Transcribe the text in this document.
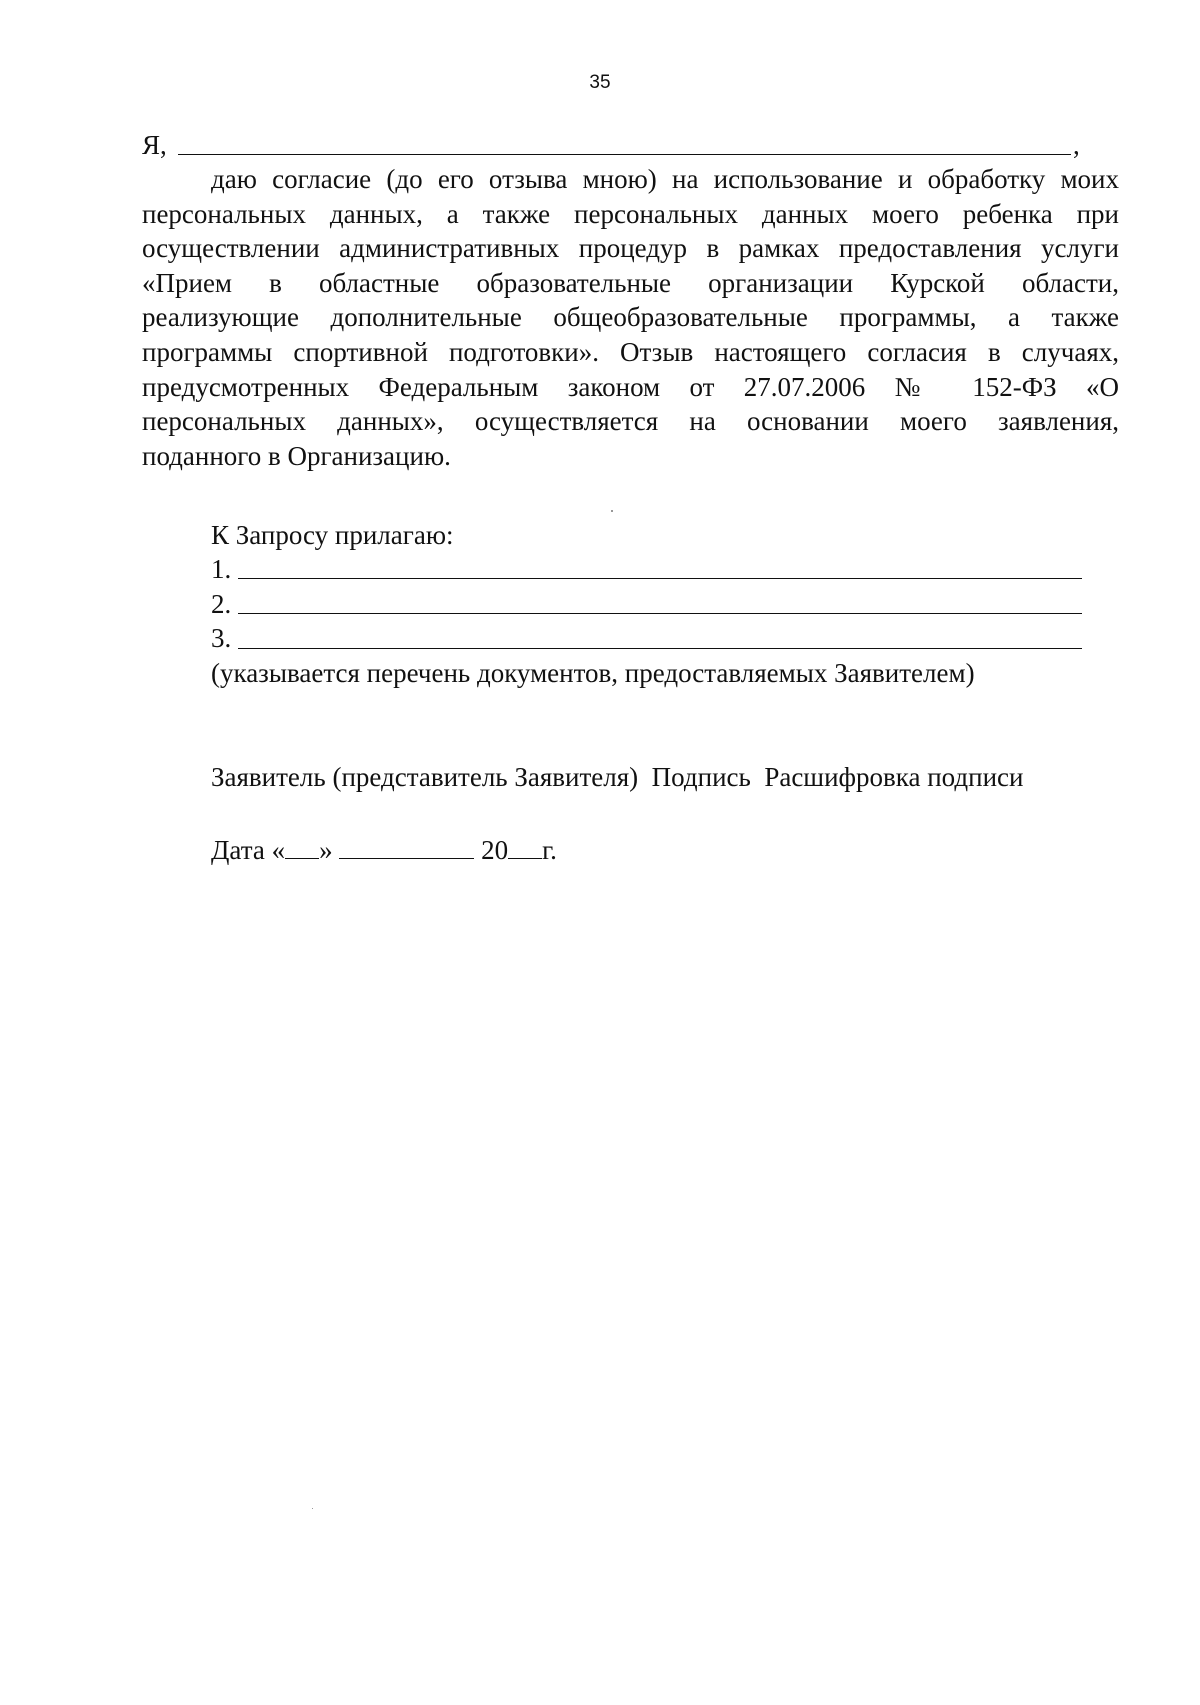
35
Я,	,
даю согласие (до его отзыва мною) на использование и обработку моих
персональных данных, а также персональных данных моего ребенка при
осуществлении административных процедур в рамках предоставления услуги
«Прием в областные образовательные организации Курской области,
реализующие дополнительные общеобразовательные программы, а также
программы спортивной подготовки». Отзыв настоящего согласия в случаях,
предусмотренных Федеральным законом от 27.07.2006 № 152-ФЗ «О
персональных данных», осуществляется на основании моего заявления,
поданного в Организацию.
К Запросу прилагаю:
1.
2.
3.
(указывается перечень документов, предоставляемых Заявителем)
Заявитель (представитель Заявителя) Подпись Расшифровка подписи
Дата « »	20 г.
